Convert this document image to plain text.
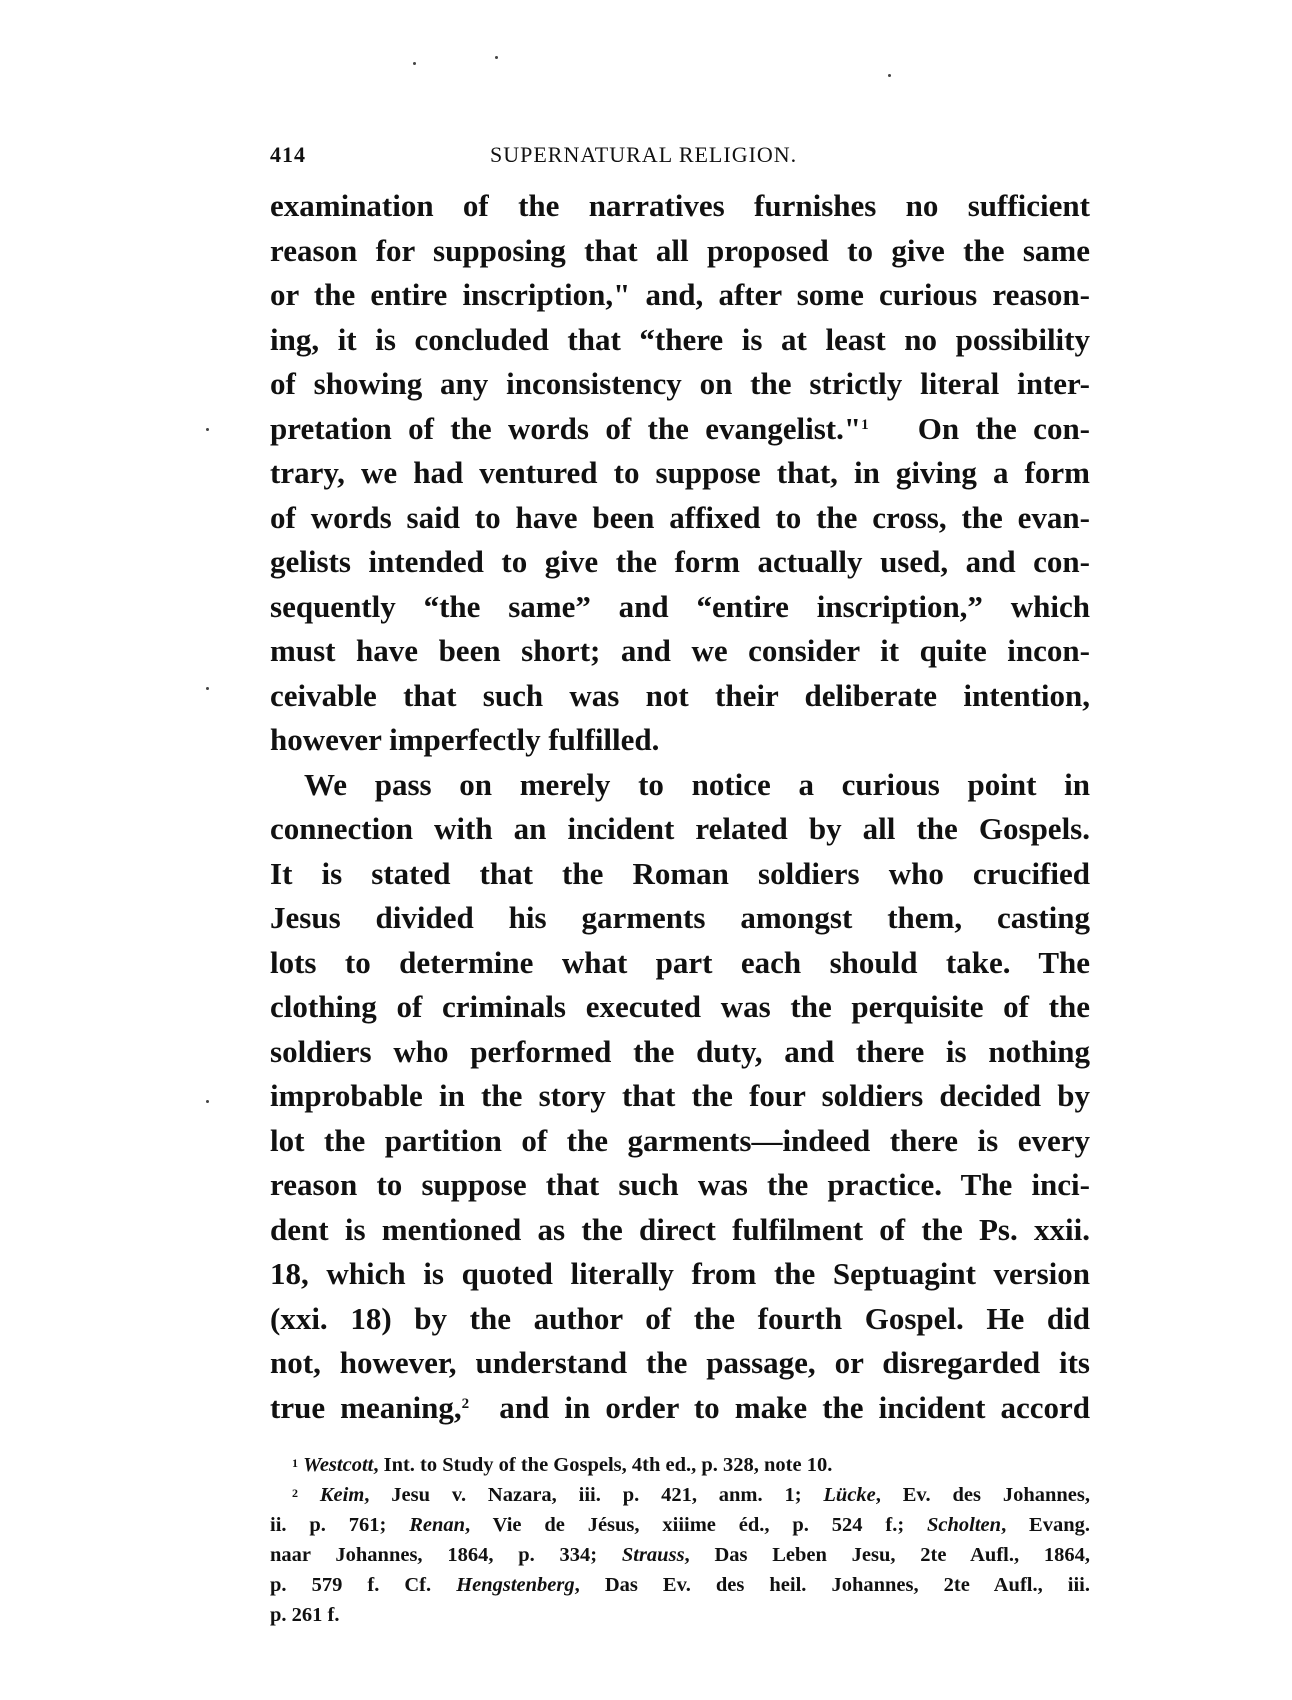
414	SUPERNATURAL RELIGION.
examination of the narratives furnishes no sufficient
reason for supposing that all proposed to give the same
or the entire inscription," and, after some curious reason-
ing, it is concluded that “there is at least no possibility
of showing any inconsistency on the strictly literal inter-
pretation of the words of the evangelist."$^1$ On the con-
trary, we had ventured to suppose that, in giving a form
of words said to have been affixed to the cross, the evan-
gelists intended to give the form actually used, and con-
sequently “the same” and “entire inscription,” which
must have been short; and we consider it quite incon-
ceivable that such was not their deliberate intention,
however imperfectly fulfilled.
We pass on merely to notice a curious point in
connection with an incident related by all the Gospels.
It is stated that the Roman soldiers who crucified
Jesus divided his garments amongst them, casting
lots to determine what part each should take. The
clothing of criminals executed was the perquisite of the
soldiers who performed the duty, and there is nothing
improbable in the story that the four soldiers decided by
lot the partition of the garments—indeed there is every
reason to suppose that such was the practice. The inci-
dent is mentioned as the direct fulfilment of the Ps. xxii.
18, which is quoted literally from the Septuagint version
(xxi. 18) by the author of the fourth Gospel. He did
not, however, understand the passage, or disregarded its
true meaning,$^2$ and in order to make the incident accord
$^1$ Westcott, Int. to Study of the Gospels, 4th ed., p. 328, note 10.
$^2$ Keim, Jesu v. Nazara, iii. p. 421, anm. 1; Lücke, Ev. des Johannes,
ii. p. 761; Renan, Vie de Jésus, xiiime éd., p. 524 f.; Scholten, Evang.
naar Johannes, 1864, p. 334; Strauss, Das Leben Jesu, 2te Aufl., 1864,
p. 579 f. Cf. Hengstenberg, Das Ev. des heil. Johannes, 2te Aufl., iii.
p. 261 f.
